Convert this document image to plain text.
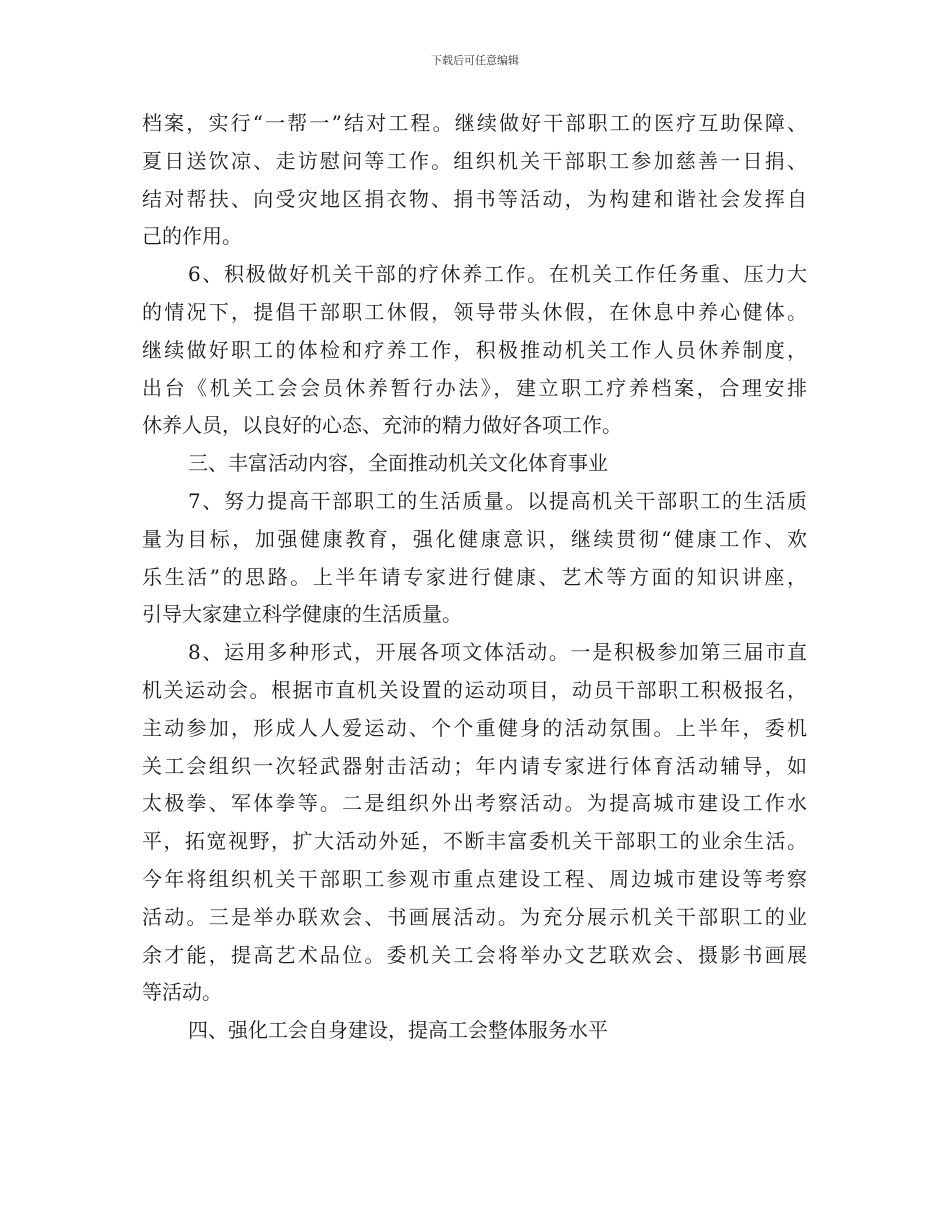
下载后可任意编辑
档案，实行“一帮一”结对工程。继续做好干部职工的医疗互助保障、
夏日送饮凉、走访慰问等工作。组织机关干部职工参加慈善一日捐、
结对帮扶、向受灾地区捐衣物、捐书等活动，为构建和谐社会发挥自
己的作用。
6、积极做好机关干部的疗休养工作。在机关工作任务重、压力大
的情况下，提倡干部职工休假，领导带头休假，在休息中养心健体。
继续做好职工的体检和疗养工作，积极推动机关工作人员休养制度，
出台《机关工会会员休养暂行办法》，建立职工疗养档案，合理安排
休养人员，以良好的心态、充沛的精力做好各项工作。
三、丰富活动内容，全面推动机关文化体育事业
7、努力提高干部职工的生活质量。以提高机关干部职工的生活质
量为目标，加强健康教育，强化健康意识，继续贯彻“健康工作、欢
乐生活”的思路。上半年请专家进行健康、艺术等方面的知识讲座，
引导大家建立科学健康的生活质量。
8、运用多种形式，开展各项文体活动。一是积极参加第三届市直
机关运动会。根据市直机关设置的运动项目，动员干部职工积极报名，
主动参加，形成人人爱运动、个个重健身的活动氛围。上半年，委机
关工会组织一次轻武器射击活动；年内请专家进行体育活动辅导，如
太极拳、军体拳等。二是组织外出考察活动。为提高城市建设工作水
平，拓宽视野，扩大活动外延，不断丰富委机关干部职工的业余生活。
今年将组织机关干部职工参观市重点建设工程、周边城市建设等考察
活动。三是举办联欢会、书画展活动。为充分展示机关干部职工的业
余才能，提高艺术品位。委机关工会将举办文艺联欢会、摄影书画展
等活动。
四、强化工会自身建设，提高工会整体服务水平
